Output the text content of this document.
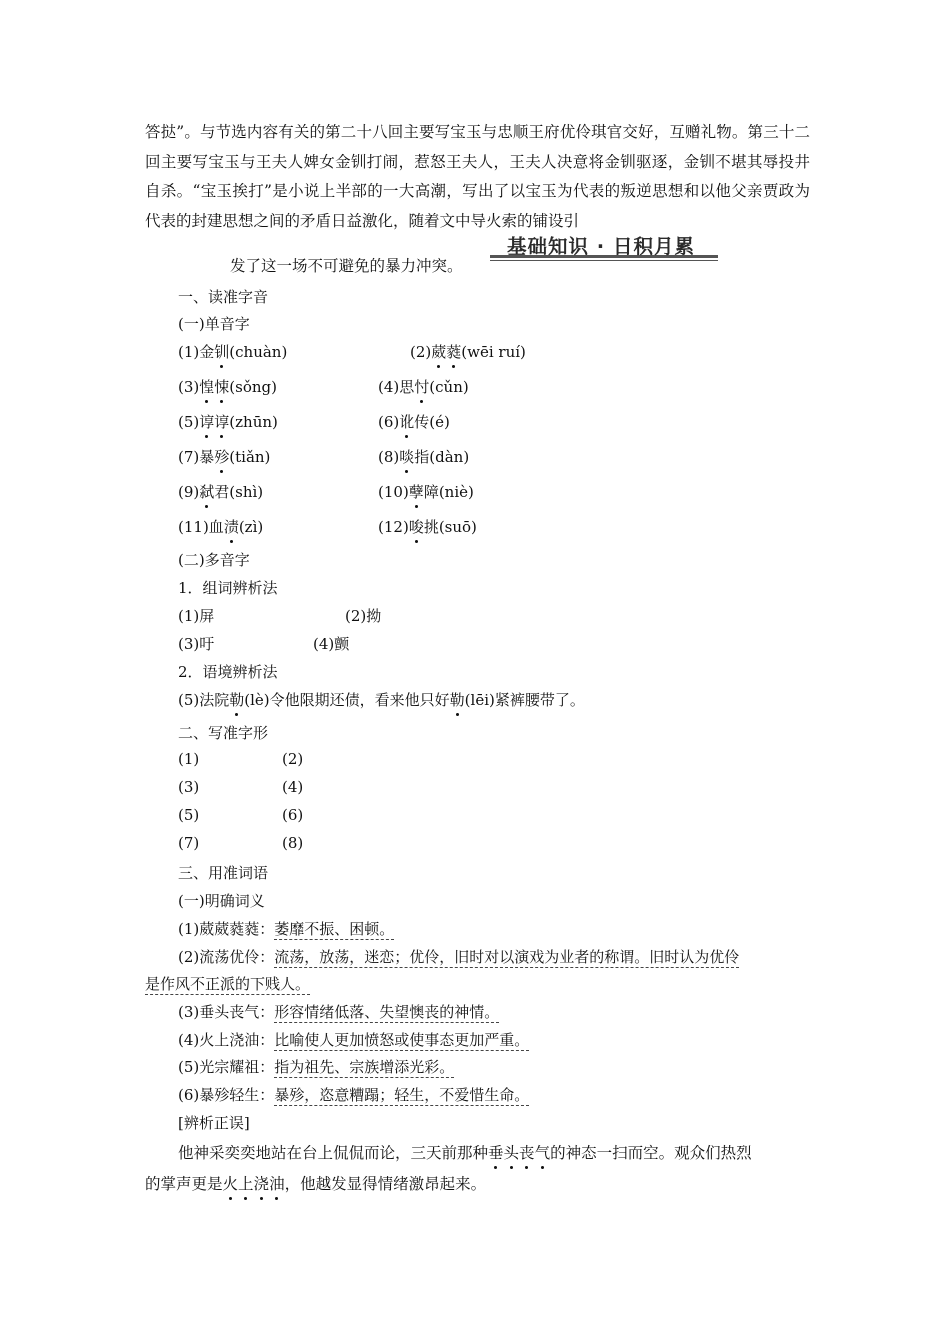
答挞”。与节选内容有关的第二十八回主要写宝玉与忠顺王府优伶琪官交好，互赠礼物。第三十二回主要写宝玉与王夫人婢女金钏打闹，惹怒王夫人，王夫人决意将金钏驱逐，金钏不堪其辱投井自杀。“宝玉挨打”是小说上半部的一大高潮，写出了以宝玉为代表的叛逆思想和以他父亲贾政为代表的封建思想之间的矛盾日益激化，随着文中导火索的铺设引
发了这一场不可避免的暴力冲突。
基础知识 · 日积月累
一、读准字音
(一)单音字
(1)金钏(chuàn)	(2)葳蕤(wēi ruí)
(3)惶悚(sǒng)	(4)思忖(cǔn)
(5)谆谆(zhūn)	(6)讹传(é)
(7)暴殄(tiǎn)	(8)啖指(dàn)
(9)弑君(shì)	(10)孽障(niè)
(11)血渍(zì)	(12)唆挑(suō)
(二)多音字
1．组词辨析法
(1)屏	(2)拗
(3)吁	(4)颤
2．语境辨析法
(5)法院勒(lè)令他限期还债，看来他只好勒(lēi)紧裤腰带了。
二、写准字形
(1)	(2)
(3)	(4)
(5)	(6)
(7)	(8)
三、用准词语
(一)明确词义
(1)葳葳蕤蕤：萎靡不振、困顿。
(2)流荡优伶：流荡，放荡，迷恋；优伶，旧时对以演戏为业者的称谓。旧时认为优伶
是作风不正派的下贱人。
(3)垂头丧气：形容情绪低落、失望懊丧的神情。
(4)火上浇油：比喻使人更加愤怒或使事态更加严重。
(5)光宗耀祖：指为祖先、宗族增添光彩。
(6)暴殄轻生：暴殄，恣意糟蹋；轻生，不爱惜生命。
[辨析正误]
他神采奕奕地站在台上侃侃而论，三天前那种垂头丧气的神态一扫而空。观众们热烈
的掌声更是火上浇油，他越发显得情绪激昂起来。
